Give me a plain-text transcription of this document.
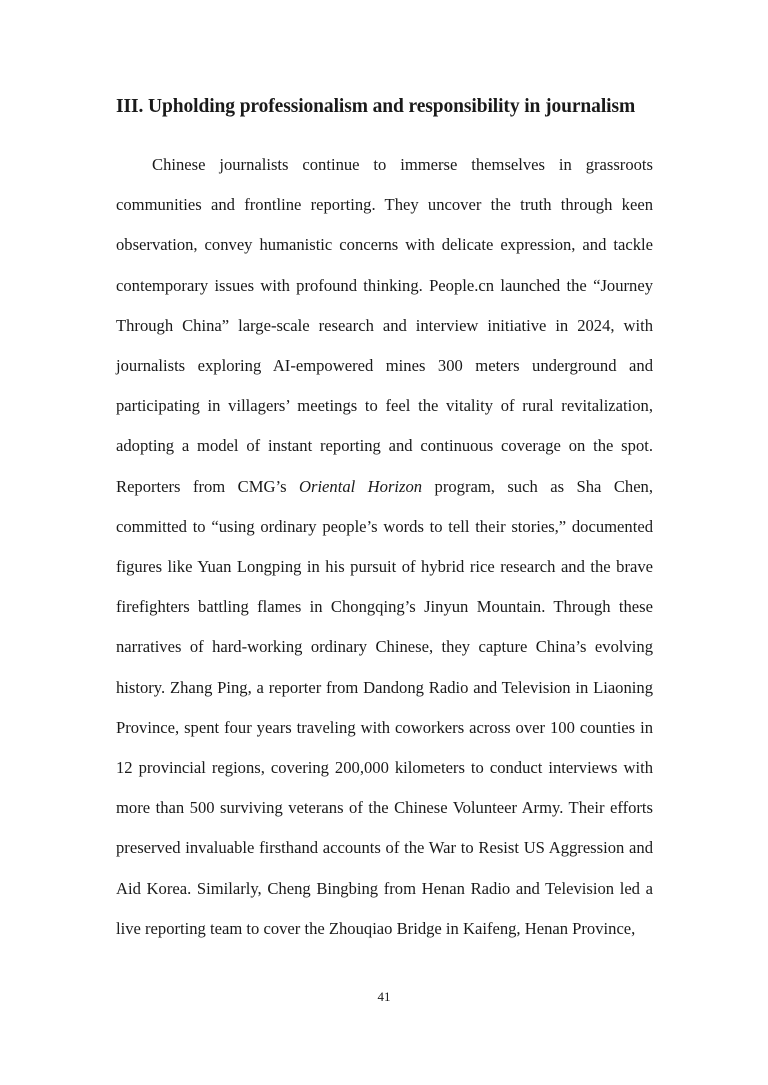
III. Upholding professionalism and responsibility in journalism

Chinese journalists continue to immerse themselves in grassroots communities and frontline reporting. They uncover the truth through keen observation, convey humanistic concerns with delicate expression, and tackle contemporary issues with profound thinking. People.cn launched the “Journey Through China” large-scale research and interview initiative in 2024, with journalists exploring AI-empowered mines 300 meters underground and participating in villagers’ meetings to feel the vitality of rural revitalization, adopting a model of instant reporting and continuous coverage on the spot. Reporters from CMG’s Oriental Horizon program, such as Sha Chen, committed to “using ordinary people’s words to tell their stories,” documented figures like Yuan Longping in his pursuit of hybrid rice research and the brave firefighters battling flames in Chongqing’s Jinyun Mountain. Through these narratives of hard-working ordinary Chinese, they capture China’s evolving history. Zhang Ping, a reporter from Dandong Radio and Television in Liaoning Province, spent four years traveling with coworkers across over 100 counties in 12 provincial regions, covering 200,000 kilometers to conduct interviews with more than 500 surviving veterans of the Chinese Volunteer Army. Their efforts preserved invaluable firsthand accounts of the War to Resist US Aggression and Aid Korea. Similarly, Cheng Bingbing from Henan Radio and Television led a live reporting team to cover the Zhouqiao Bridge in Kaifeng, Henan Province,

41
